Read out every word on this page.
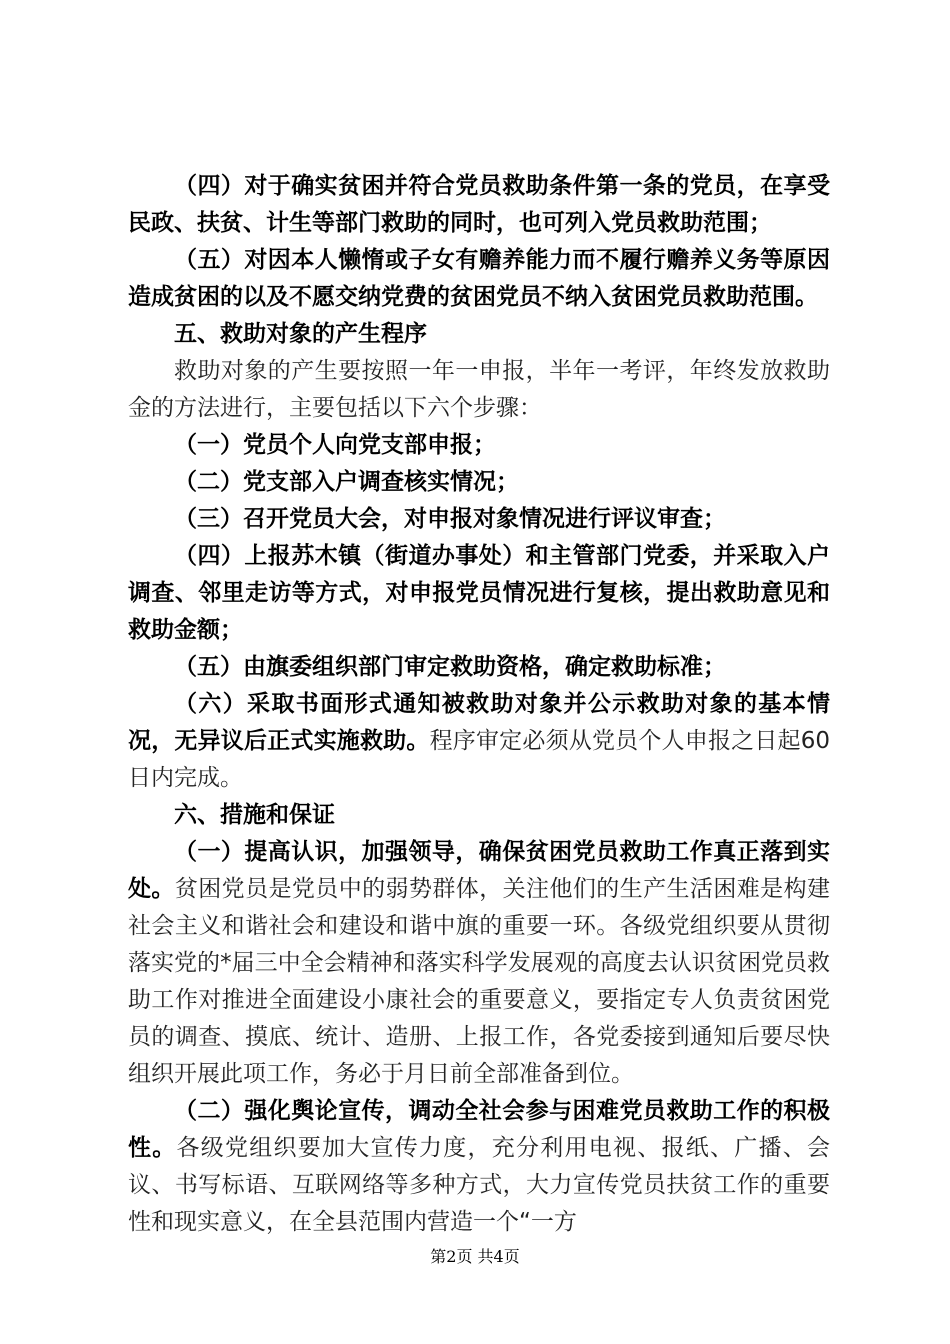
（四）对于确实贫困并符合党员救助条件第一条的党员，在享受民政、扶贫、计生等部门救助的同时，也可列入党员救助范围；

（五）对因本人懒惰或子女有赡养能力而不履行赡养义务等原因造成贫困的以及不愿交纳党费的贫困党员不纳入贫困党员救助范围。

五、救助对象的产生程序

救助对象的产生要按照一年一申报，半年一考评，年终发放救助金的方法进行，主要包括以下六个步骤：

（一）党员个人向党支部申报；

（二）党支部入户调查核实情况；

（三）召开党员大会，对申报对象情况进行评议审查；

（四）上报苏木镇（街道办事处）和主管部门党委，并采取入户调查、邻里走访等方式，对申报党员情况进行复核，提出救助意见和救助金额；

（五）由旗委组织部门审定救助资格，确定救助标准；

（六）采取书面形式通知被救助对象并公示救助对象的基本情况，无异议后正式实施救助。程序审定必须从党员个人申报之日起60日内完成。

六、措施和保证

（一）提高认识，加强领导，确保贫困党员救助工作真正落到实处。贫困党员是党员中的弱势群体，关注他们的生产生活困难是构建社会主义和谐社会和建设和谐中旗的重要一环。各级党组织要从贯彻落实党的*届三中全会精神和落实科学发展观的高度去认识贫困党员救助工作对推进全面建设小康社会的重要意义，要指定专人负责贫困党员的调查、摸底、统计、造册、上报工作，各党委接到通知后要尽快组织开展此项工作，务必于月日前全部准备到位。

（二）强化舆论宣传，调动全社会参与困难党员救助工作的积极性。各级党组织要加大宣传力度，充分利用电视、报纸、广播、会议、书写标语、互联网络等多种方式，大力宣传党员扶贫工作的重要性和现实意义，在全县范围内营造一个“一方

第2页 共4页
